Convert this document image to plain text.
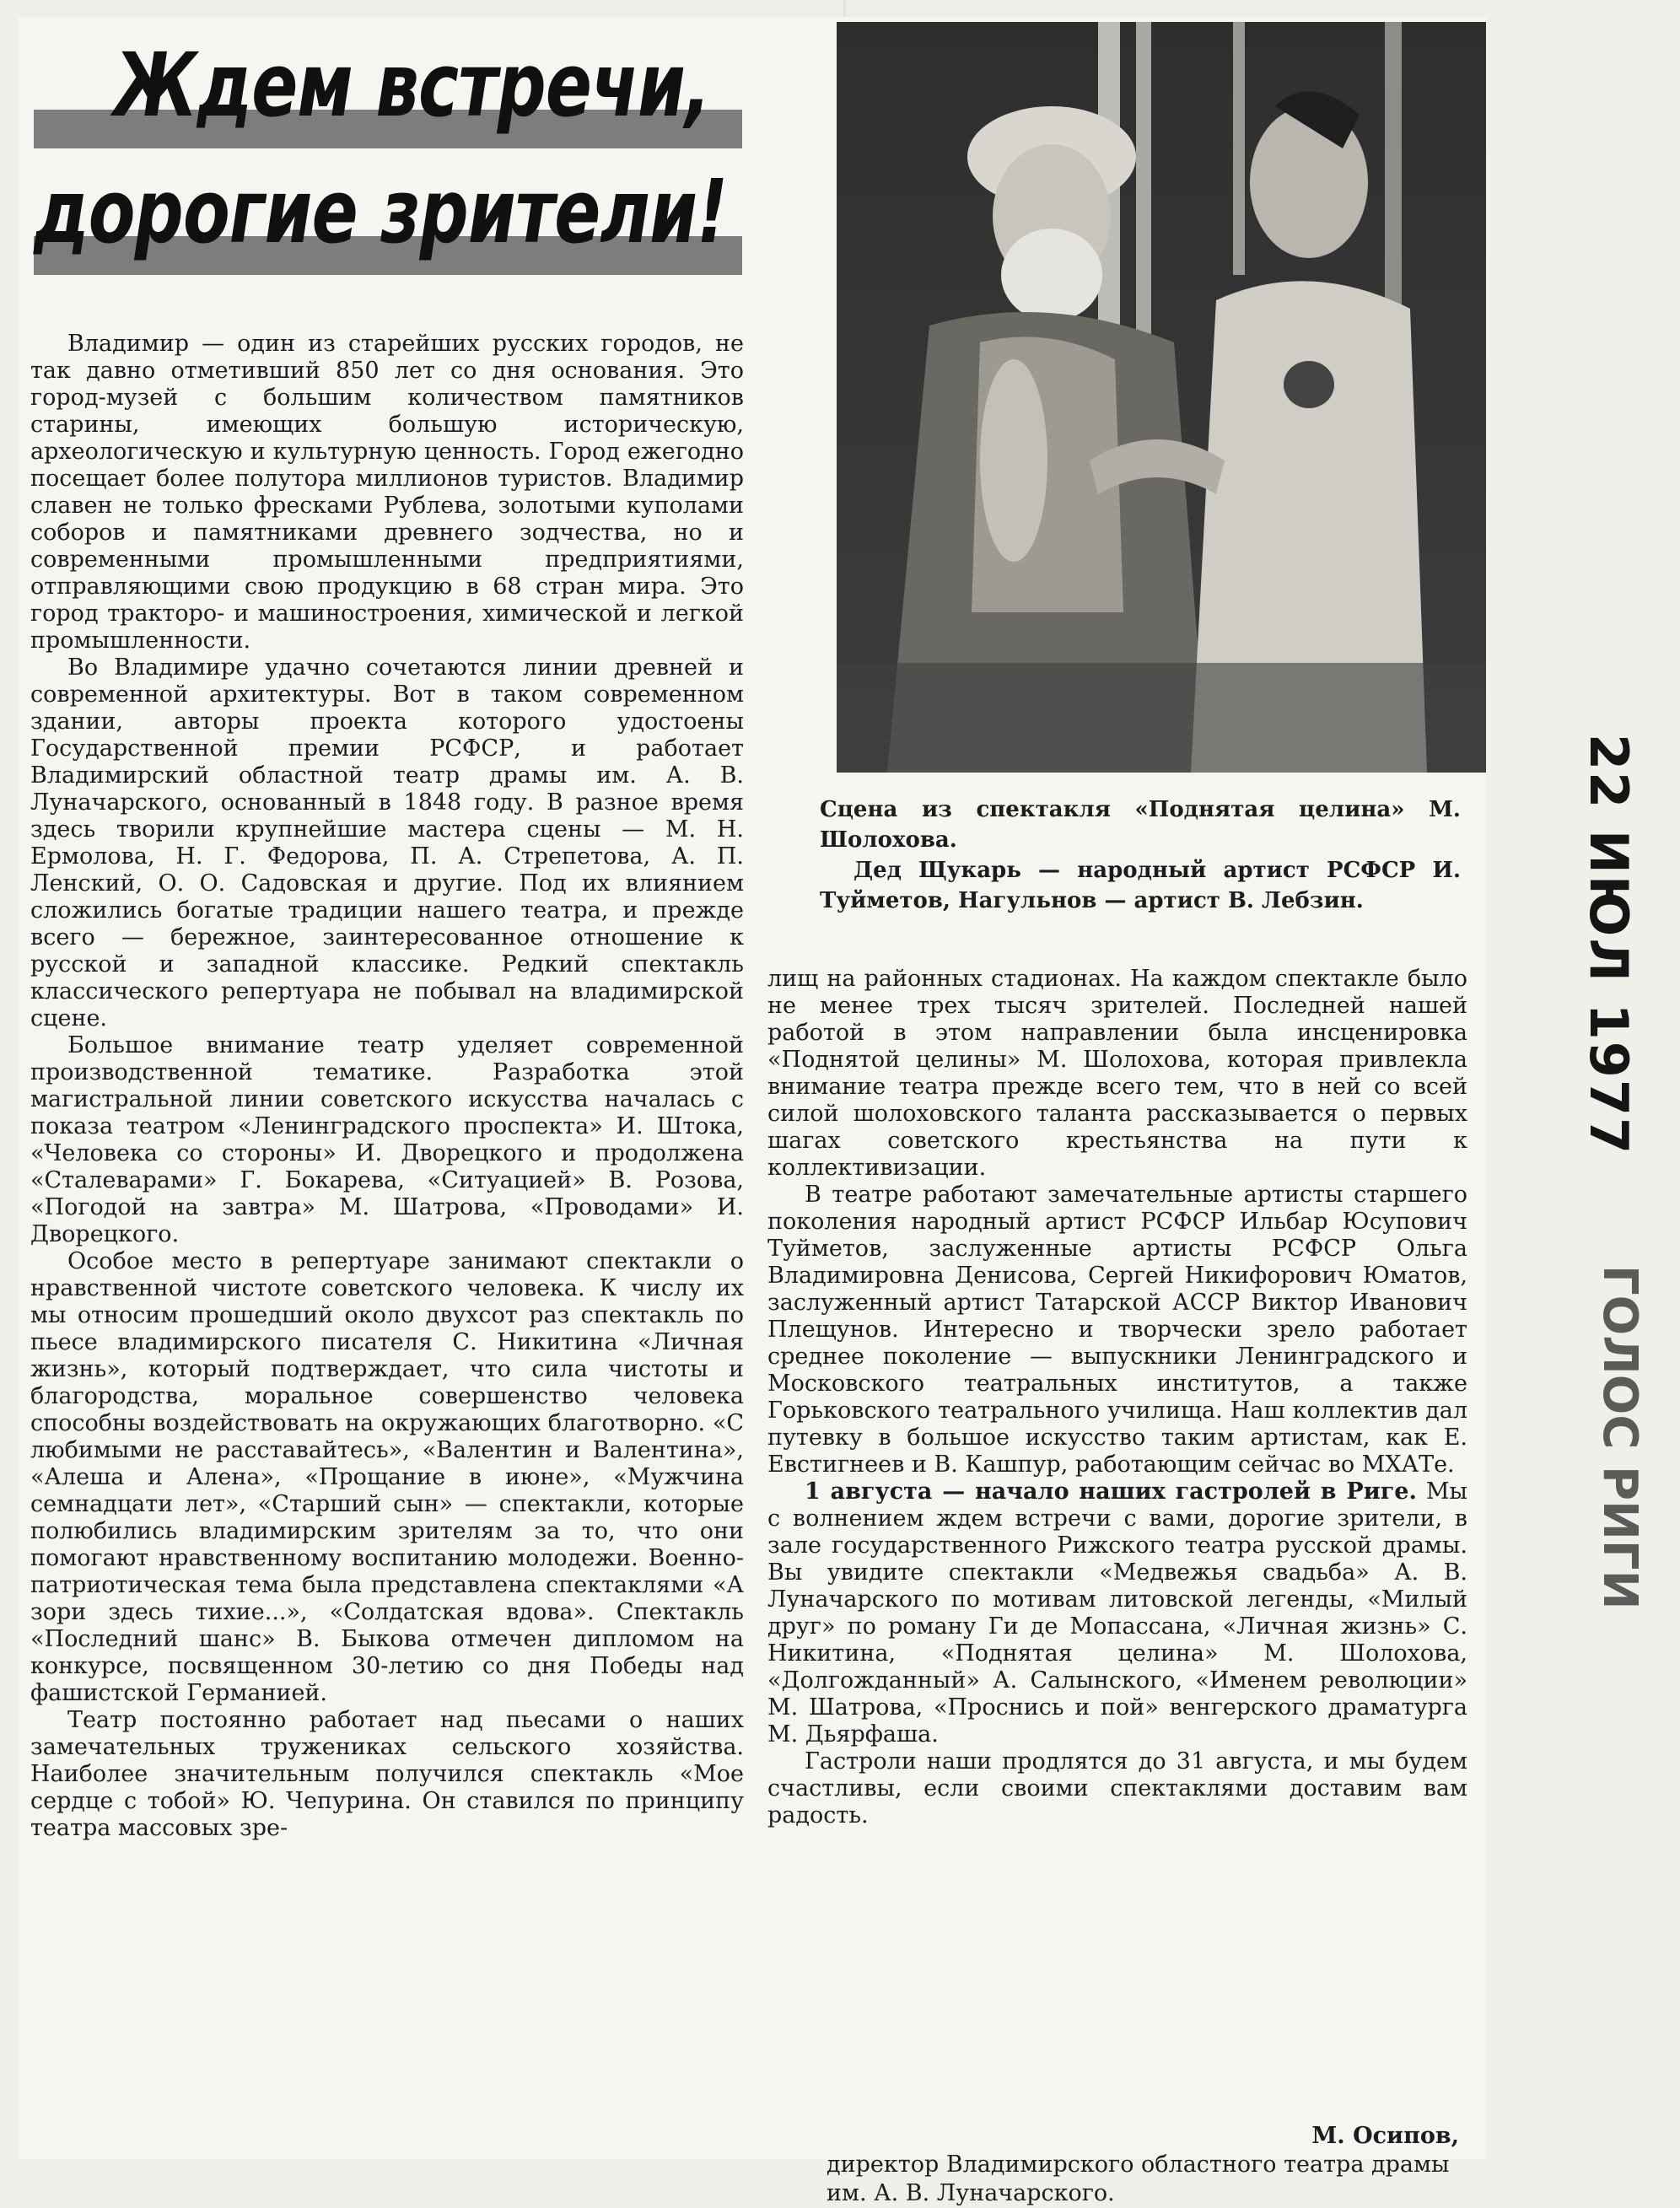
Ждем встречи,
дорогие зрители!

Владимир — один из старейших русских городов, не так давно отметивший 850 лет со дня основания. Это город-музей с большим количеством памятников старины, имеющих большую историческую, археологическую и культурную ценность. Город ежегодно посещает более полутора миллионов туристов. Владимир славен не только фресками Рублева, золотыми куполами соборов и памятниками древнего зодчества, но и современными промышленными предприятиями, отправляющими свою продукцию в 68 стран мира. Это город тракторо- и машиностроения, химической и легкой промышленности.

Во Владимире удачно сочетаются линии древней и современной архитектуры. Вот в таком современном здании, авторы проекта которого удостоены Государственной премии РСФСР, и работает Владимирский областной театр драмы им. А. В. Луначарского, основанный в 1848 году. В разное время здесь творили крупнейшие мастера сцены — М. Н. Ермолова, Н. Г. Федорова, П. А. Стрепетова, А. П. Ленский, О. О. Садовская и другие. Под их влиянием сложились богатые традиции нашего театра, и прежде всего — бережное, заинтересованное отношение к русской и западной классике. Редкий спектакль классического репертуара не побывал на владимирской сцене.

Большое внимание театр уделяет современной производственной тематике. Разработка этой магистральной линии советского искусства началась с показа театром «Ленинградского проспекта» И. Штока, «Человека со стороны» И. Дворецкого и продолжена «Сталеварами» Г. Бокарева, «Ситуацией» В. Розова, «Погодой на завтра» М. Шатрова, «Проводами» И. Дворецкого.

Особое место в репертуаре занимают спектакли о нравственной чистоте советского человека. К числу их мы относим прошедший около двухсот раз спектакль по пьесе владимирского писателя С. Никитина «Личная жизнь», который подтверждает, что сила чистоты и благородства, моральное совершенство человека способны воздействовать на окружающих благотворно. «С любимыми не расставайтесь», «Валентин и Валентина», «Алеша и Алена», «Прощание в июне», «Мужчина семнадцати лет», «Старший сын» — спектакли, которые полюбились владимирским зрителям за то, что они помогают нравственному воспитанию молодежи. Военно-патриотическая тема была представлена спектаклями «А зори здесь тихие...», «Солдатская вдова». Спектакль «Последний шанс» В. Быкова отмечен дипломом на конкурсе, посвященном 30-летию со дня Победы над фашистской Германией.

Театр постоянно работает над пьесами о наших замечательных тружениках сельского хозяйства. Наиболее значительным получился спектакль «Мое сердце с тобой» Ю. Чепурина. Он ставился по принципу театра массовых зре-

Сцена из спектакля «Поднятая целина» М. Шолохова.
Дед Щукарь — народный артист РСФСР И. Туйметов, Нагульнов — артист В. Лебзин.

лищ на районных стадионах. На каждом спектакле было не менее трех тысяч зрителей. Последней нашей работой в этом направлении была инсценировка «Поднятой целины» М. Шолохова, которая привлекла внимание театра прежде всего тем, что в ней со всей силой шолоховского таланта рассказывается о первых шагах советского крестьянства на пути к коллективизации.

В театре работают замечательные артисты старшего поколения народный артист РСФСР Ильбар Юсупович Туйметов, заслуженные артисты РСФСР Ольга Владимировна Денисова, Сергей Никифорович Юматов, заслуженный артист Татарской АССР Виктор Иванович Плещунов. Интересно и творчески зрело работает среднее поколение — выпускники Ленинградского и Московского театральных институтов, а также Горьковского театрального училища. Наш коллектив дал путевку в большое искусство таким артистам, как Е. Евстигнеев и В. Кашпур, работающим сейчас во МХАТе.

1 августа — начало наших гастролей в Риге. Мы с волнением ждем встречи с вами, дорогие зрители, в зале государственного Рижского театра русской драмы. Вы увидите спектакли «Медвежья свадьба» А. В. Луначарского по мотивам литовской легенды, «Милый друг» по роману Ги де Мопассана, «Личная жизнь» С. Никитина, «Поднятая целина» М. Шолохова, «Долгожданный» А. Салынского, «Именем революции» М. Шатрова, «Проснись и пой» венгерского драматурга М. Дьярфаша.

Гастроли наши продлятся до 31 августа, и мы будем счастливы, если своими спектаклями доставим вам радость.

М. Осипов,
директор Владимирского областного театра драмы им. А. В. Луначарского.
22 ИЮЛ 1977
ГОЛОС РИГИ
